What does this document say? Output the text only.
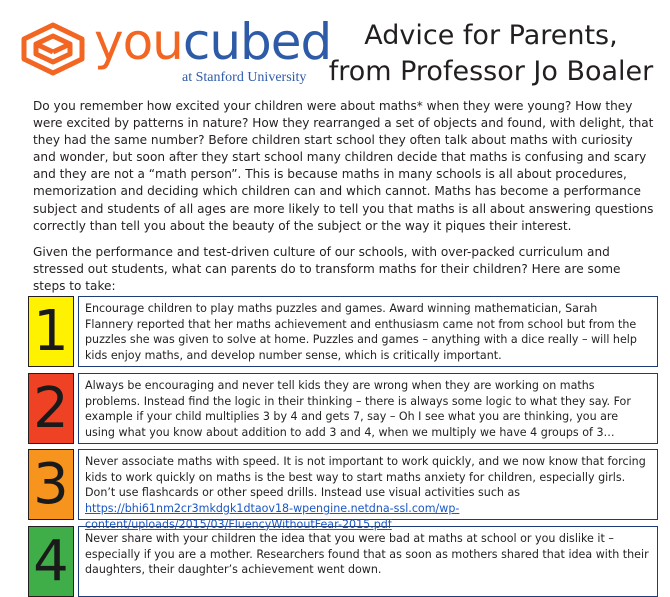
youcubed
at Stanford University
Advice for Parents,
from Professor Jo Boaler

Do you remember how excited your children were about maths* when they were young? How they were excited by patterns in nature? How they rearranged a set of objects and found, with delight, that they had the same number? Before children start school they often talk about maths with curiosity and wonder, but soon after they start school many children decide that maths is confusing and scary and they are not a “math person”. This is because maths in many schools is all about procedures, memorization and deciding which children can and which cannot. Maths has become a performance subject and students of all ages are more likely to tell you that maths is all about answering questions correctly than tell you about the beauty of the subject or the way it piques their interest.

Given the performance and test-driven culture of our schools, with over-packed curriculum and stressed out students, what can parents do to transform maths for their children? Here are some steps to take:

1	Encourage children to play maths puzzles and games. Award winning mathematician, Sarah Flannery reported that her maths achievement and enthusiasm came not from school but from the puzzles she was given to solve at home. Puzzles and games – anything with a dice really – will help kids enjoy maths, and develop number sense, which is critically important.
2	Always be encouraging and never tell kids they are wrong when they are working on maths problems. Instead find the logic in their thinking – there is always some logic to what they say. For example if your child multiplies 3 by 4 and gets 7, say – Oh I see what you are thinking, you are using what you know about addition to add 3 and 4, when we multiply we have 4 groups of 3…
3	Never associate maths with speed. It is not important to work quickly, and we now know that forcing kids to work quickly on maths is the best way to start maths anxiety for children, especially girls. Don’t use flashcards or other speed drills. Instead use visual activities such as https://bhi61nm2cr3mkdgk1dtaov18-wpengine.netdna-ssl.com/wp-content/uploads/2015/03/FluencyWithoutFear-2015.pdf
4	Never share with your children the idea that you were bad at maths at school or you dislike it – especially if you are a mother. Researchers found that as soon as mothers shared that idea with their daughters, their daughter’s achievement went down.
